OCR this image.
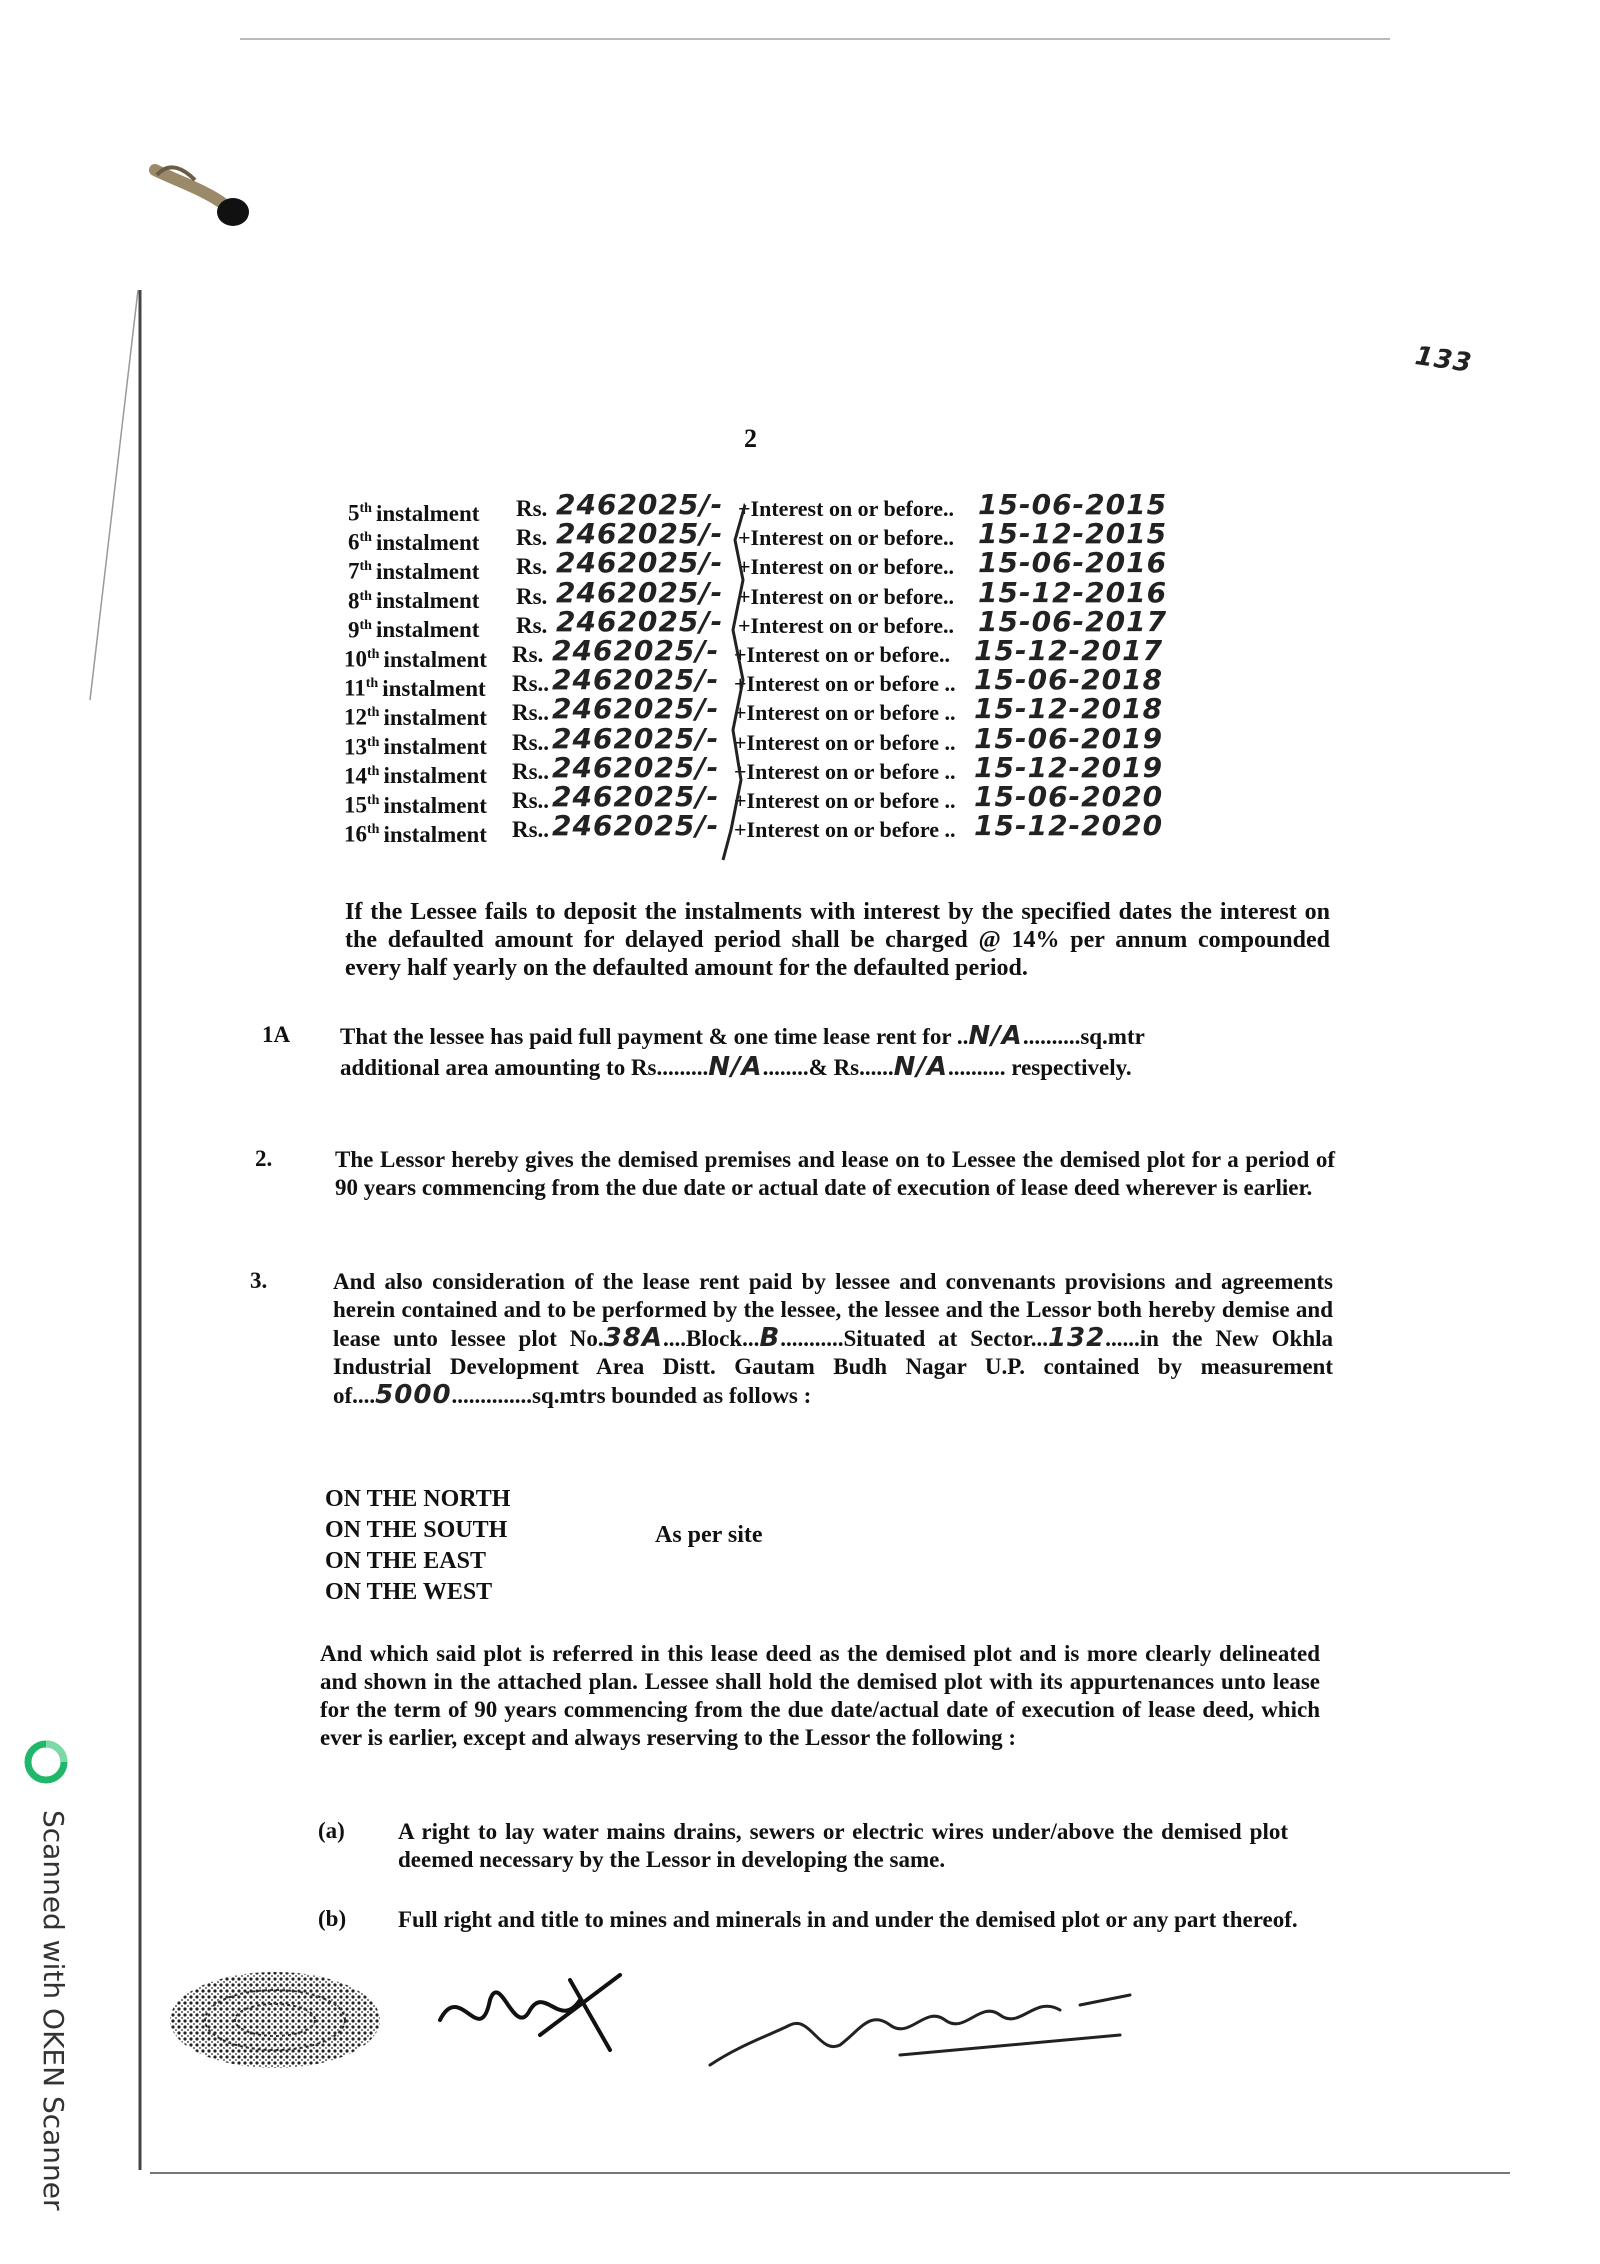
133
2
5th instalment Rs. 2462025/- +Interest on or before.. 15-06-2015
6th instalment Rs. 2462025/- +Interest on or before.. 15-12-2015
7th instalment Rs. 2462025/- +Interest on or before.. 15-06-2016
8th instalment Rs. 2462025/- +Interest on or before.. 15-12-2016
9th instalment Rs. 2462025/- +Interest on or before.. 15-06-2017
10th instalment Rs. 2462025/- +Interest on or before.. 15-12-2017
11th instalment Rs.. 2462025/- +Interest on or before .. 15-06-2018
12th instalment Rs.. 2462025/- +Interest on or before .. 15-12-2018
13th instalment Rs.. 2462025/- +Interest on or before .. 15-06-2019
14th instalment Rs.. 2462025/- +Interest on or before .. 15-12-2019
15th instalment Rs.. 2462025/- +Interest on or before .. 15-06-2020
16th instalment Rs.. 2462025/- +Interest on or before .. 15-12-2020
If the Lessee fails to deposit the instalments with interest by the specified dates the interest on the defaulted amount for delayed period shall be charged @ 14% per annum compounded every half yearly on the defaulted amount for the defaulted period.
1A That the lessee has paid full payment & one time lease rent for ..N/A..........sq.mtr
additional area amounting to Rs.........N/A........& Rs......N/A.......... respectively.
2.	The Lessor hereby gives the demised premises and lease on to Lessee the demised plot for a period of 90 years commencing from the due date or actual date of execution of lease deed wherever is earlier.
3.	And also consideration of the lease rent paid by lessee and convenants provisions and agreements herein contained and to be performed by the lessee, the lessee and the Lessor both hereby demise and lease unto lessee plot No.38A....Block...B...........Situated at Sector...132......in the New Okhla Industrial Development Area Distt. Gautam Budh Nagar U.P. contained by measurement of....5000..............sq.mtrs bounded as follows :
ON THE NORTH
ON THE SOUTH
ON THE EAST
ON THE WEST
As per site
And which said plot is referred in this lease deed as the demised plot and is more clearly delineated and shown in the attached plan. Lessee shall hold the demised plot with its appurtenances unto lease for the term of 90 years commencing from the due date/actual date of execution of lease deed, which ever is earlier, except and always reserving to the Lessor the following :
(a) A right to lay water mains drains, sewers or electric wires under/above the demised plot deemed necessary by the Lessor in developing the same.
(b) Full right and title to mines and minerals in and under the demised plot or any part thereof.
Scanned with OKEN Scanner
